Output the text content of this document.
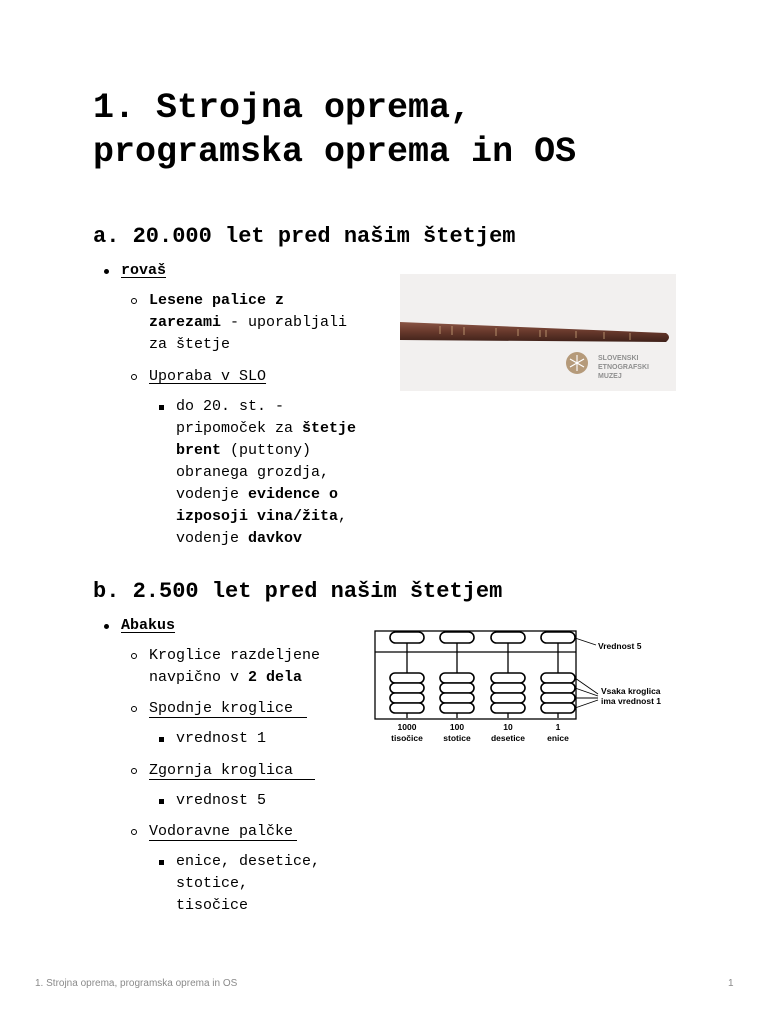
1. Strojna oprema,
programska oprema in OS
a. 20.000 let pred našim štetjem
rovaš
Lesene palice z
zarezami - uporabljali
za štetje
Uporaba v SLO
do 20. st. -
pripomoček za štetje
brent (puttony)
obranega grozdja,
vodenje evidence o
izposoji vina/žita,
vodenje davkov
SLOVENSKI
ETNOGRAFSKI
MUZEJ
b. 2.500 let pred našim štetjem
Abakus
Kroglice razdeljene
navpično v 2 dela
Spodnje kroglice
vrednost 1
Zgornja kroglica
vrednost 5
Vodoravne palčke
enice, desetice,
stotice,
tisočice
Vrednost 5
Vsaka kroglica
ima vrednost 1
1000
tisočice
100
stotice
10
desetice
1
enice
1. Strojna oprema, programska oprema in OS	1
